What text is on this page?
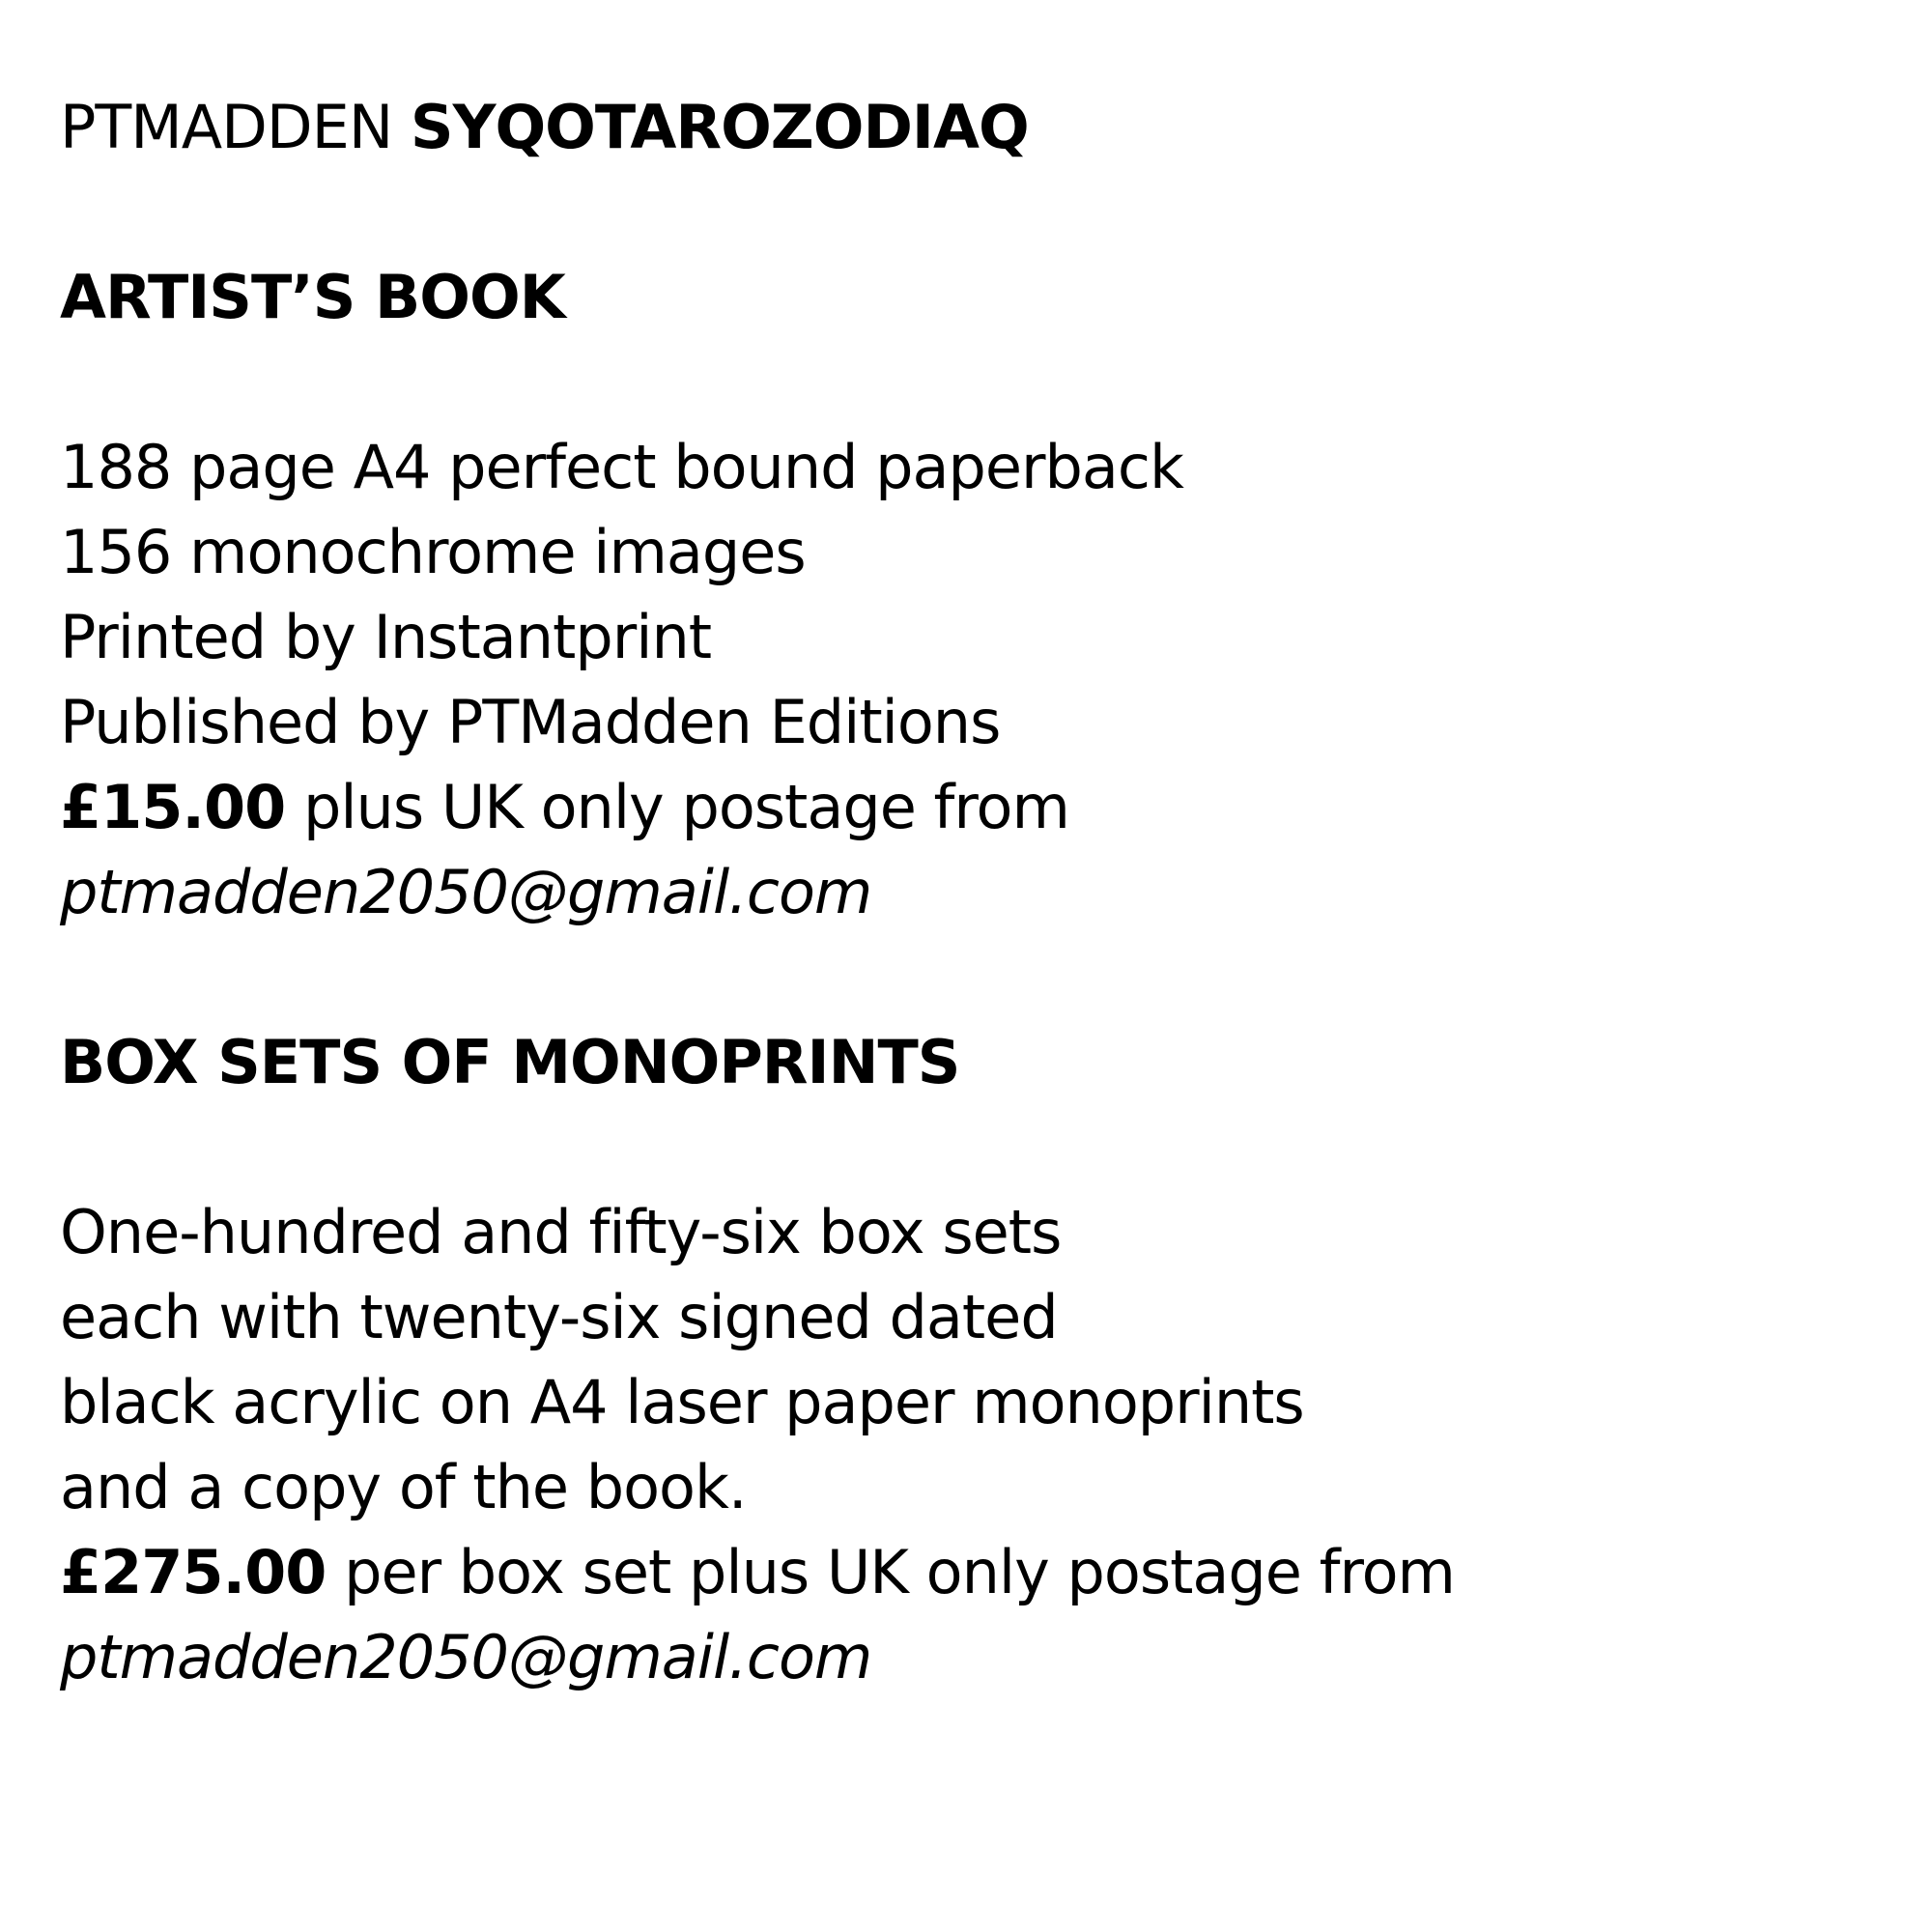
PTMADDEN SYQOTAROZODIAQ
ARTIST’S BOOK
188 page A4 perfect bound paperback
156 monochrome images
Printed by Instantprint
Published by PTMadden Editions
£15.00 plus UK only postage from
ptmadden2050@gmail.com
BOX SETS OF MONOPRINTS
One-hundred and fifty-six box sets
each with twenty-six signed dated
black acrylic on A4 laser paper monoprints
and a copy of the book.
£275.00 per box set plus UK only postage from
ptmadden2050@gmail.com
